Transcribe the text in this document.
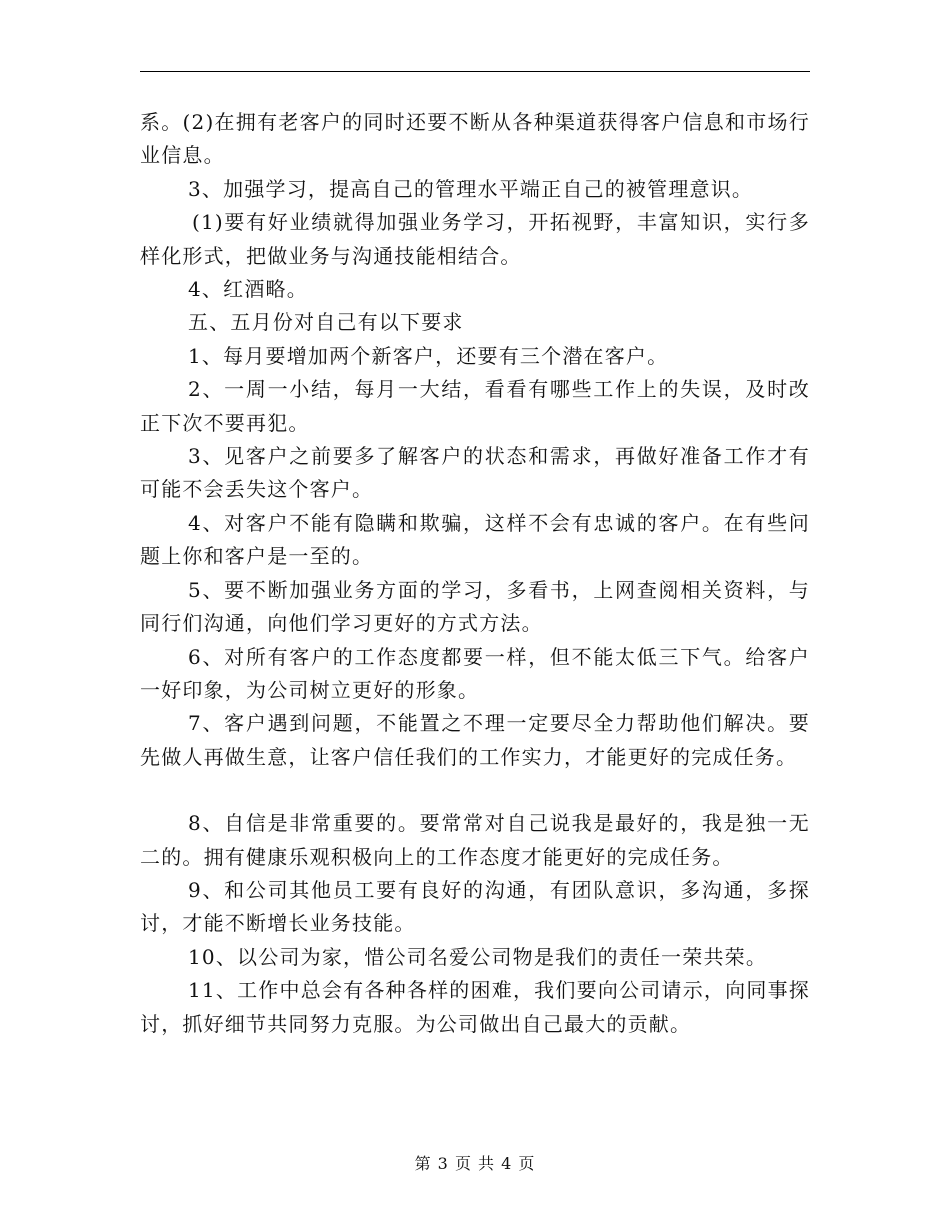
系。(2)在拥有老客户的同时还要不断从各种渠道获得客户信息和市场行业信息。

3、加强学习，提高自己的管理水平端正自己的被管理意识。

(1)要有好业绩就得加强业务学习，开拓视野，丰富知识，实行多样化形式，把做业务与沟通技能相结合。

4、红酒略。

五、五月份对自己有以下要求

1、每月要增加两个新客户，还要有三个潜在客户。

2、一周一小结，每月一大结，看看有哪些工作上的失误，及时改正下次不要再犯。

3、见客户之前要多了解客户的状态和需求，再做好准备工作才有可能不会丢失这个客户。

4、对客户不能有隐瞒和欺骗，这样不会有忠诚的客户。在有些问题上你和客户是一至的。

5、要不断加强业务方面的学习，多看书，上网查阅相关资料，与同行们沟通，向他们学习更好的方式方法。

6、对所有客户的工作态度都要一样，但不能太低三下气。给客户一好印象，为公司树立更好的形象。

7、客户遇到问题，不能置之不理一定要尽全力帮助他们解决。要先做人再做生意，让客户信任我们的工作实力，才能更好的完成任务。

8、自信是非常重要的。要常常对自己说我是最好的，我是独一无二的。拥有健康乐观积极向上的工作态度才能更好的完成任务。

9、和公司其他员工要有良好的沟通，有团队意识，多沟通，多探讨，才能不断增长业务技能。

10、以公司为家，惜公司名爱公司物是我们的责任一荣共荣。

11、工作中总会有各种各样的困难，我们要向公司请示，向同事探讨，抓好细节共同努力克服。为公司做出自己最大的贡献。

第 3 页 共 4 页
